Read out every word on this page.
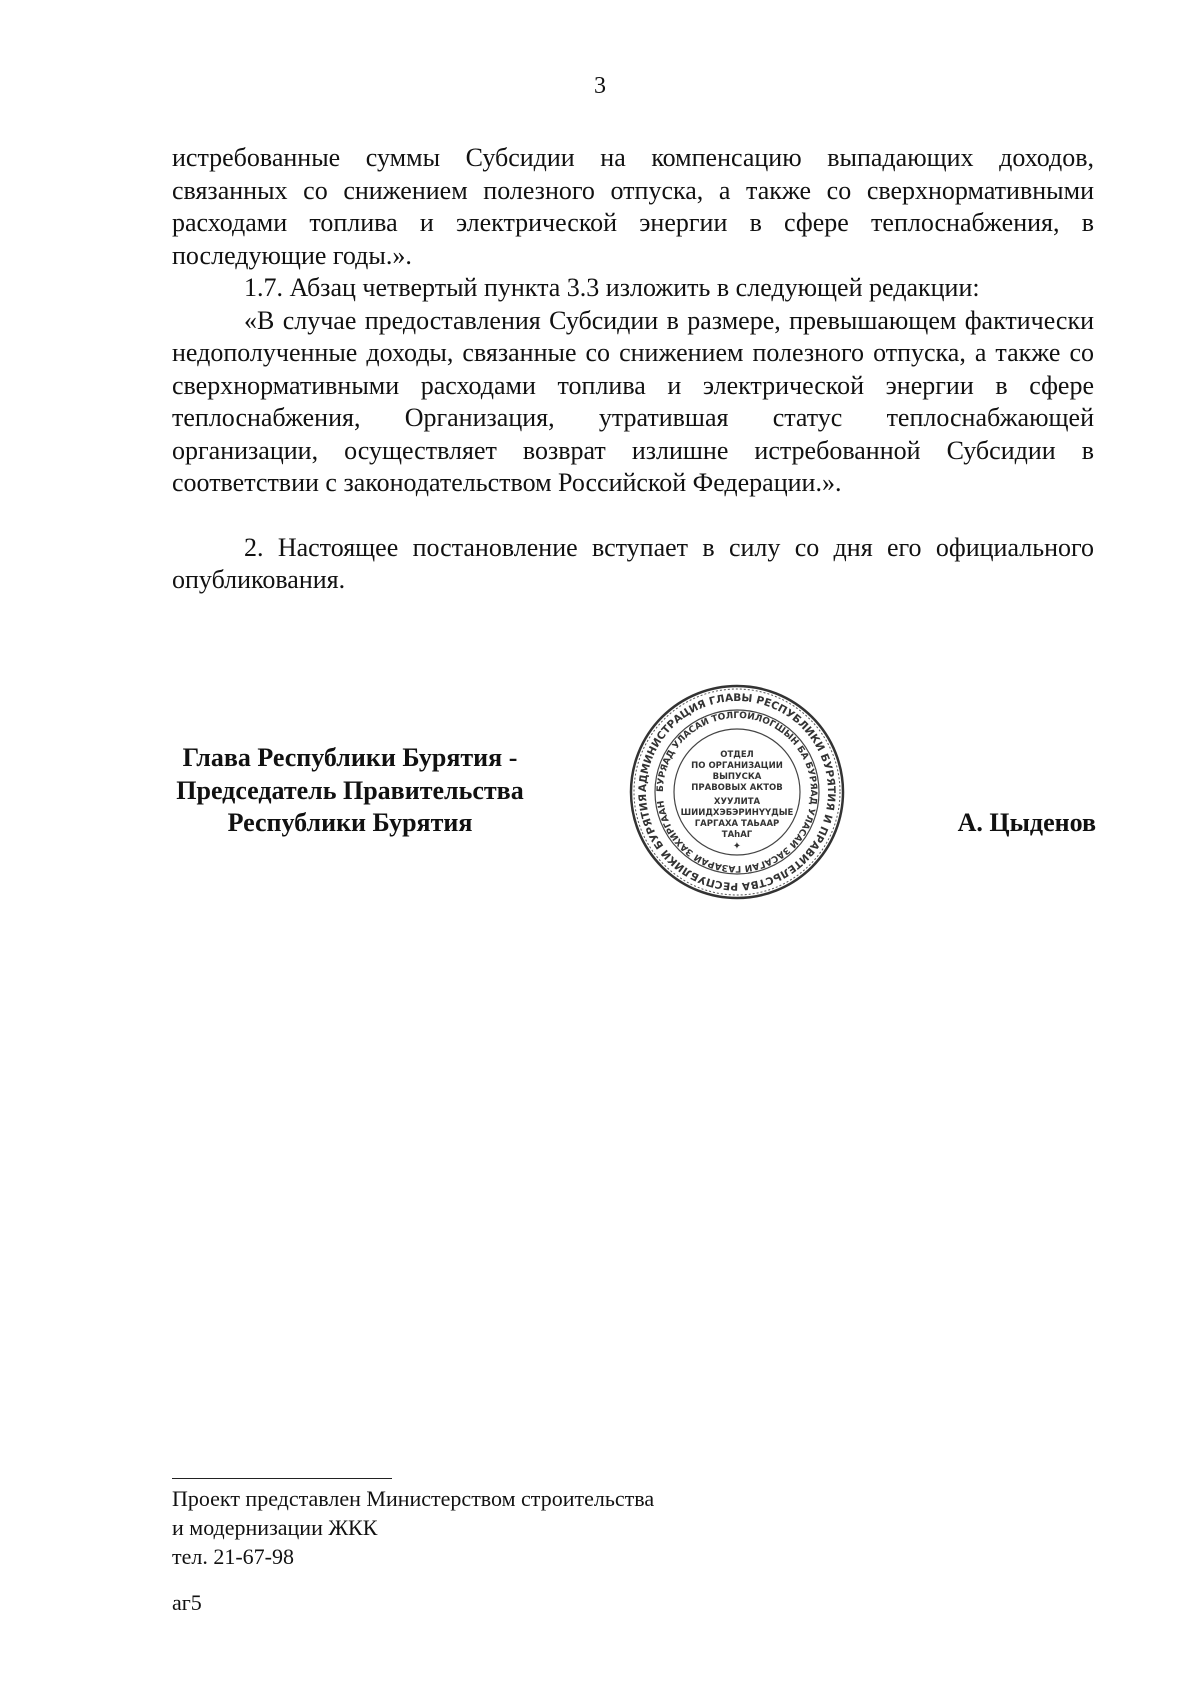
3

истребованные суммы Субсидии на компенсацию выпадающих доходов, связанных со снижением полезного отпуска, а также со сверхнормативными расходами топлива и электрической энергии в сфере теплоснабжения, в последующие годы.».

1.7. Абзац четвертый пункта 3.3 изложить в следующей редакции:

«В случае предоставления Субсидии в размере, превышающем фактически недополученные доходы, связанные со снижением полезного отпуска, а также со сверхнормативными расходами топлива и электрической энергии в сфере теплоснабжения, Организация, утратившая статус теплоснабжающей организации, осуществляет возврат излишне истребованной Субсидии в соответствии с законодательством Российской Федерации.».

2. Настоящее постановление вступает в силу со дня его официального опубликования.

Глава Республики Бурятия -
Председатель Правительства
Республики Бурятия
АДМИНИСТРАЦИЯ ГЛАВЫ РЕСПУБЛИКИ БУРЯТИЯ И ПРАВИТЕЛЬСТВА РЕСПУБЛИКИ БУРЯТИЯ
БУРЯАД УЛАСАЙ ТОЛГОЙЛОГШЫН БА БУРЯАД УЛАСАЙ ЗАСАГАЙ ГАЗАРАЙ ЗАХИРГААН
ОТДЕЛ
ПО ОРГАНИЗАЦИИ
ВЫПУСКА
ПРАВОВЫХ АКТОВ
ХУУЛИТА
ШИИДХЭБЭРИНҮҮДЫЕ
ГАРГАХА ТАЬААР
ТАhАГ
✦
А. Цыденов
Проект представлен Министерством строительства
и модернизации ЖКК
тел. 21-67-98
аг5
